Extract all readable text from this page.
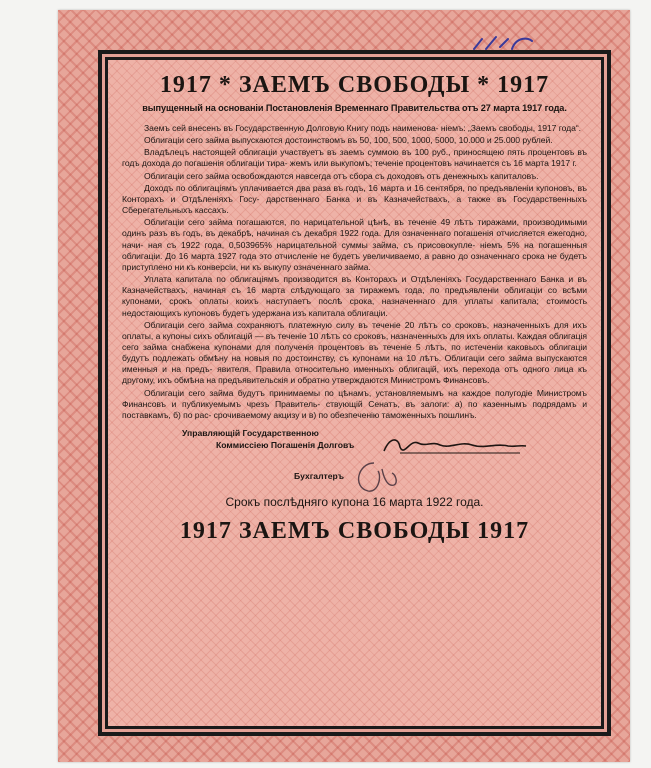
1917 * ЗАЕМЪ СВОБОДЫ * 1917
выпущенный на основаніи Постановленія Временнаго Правительства отъ 27 марта 1917 года.

Заемъ сей внесенъ въ Государственную Долговую Книгу подъ наименова- ніемъ: „Заемъ свободы, 1917 года“.

Облигаціи сего займа выпускаются достоинствомъ въ 50, 100, 500, 1000, 5000, 10.000 и 25.000 рублей.

Владѣлецъ настоящей облигаціи участвуетъ въ заемъ суммою въ 100 руб., приносящею пять процентовъ въ годъ дохода до погашенія облигаціи тира- жемъ или выкупомъ; теченіе процентовъ начинается съ 16 марта 1917 г.

Облигаціи сего займа освобождаются навсегда отъ сбора съ доходовъ отъ денежныхъ капиталовъ.

Доходъ по облигаціямъ уплачивается два раза въ годъ, 16 марта и 16 сентября, по предъявленіи купоновъ, въ Конторахъ и Отдѣленіяхъ Госу- дарственнаго Банка и въ Казначействахъ, а также въ Государственныхъ Сберегательныхъ кассахъ.

Облигаціи сего займа погашаются, по нарицательной цѣнѣ, въ теченіе 49 лѣтъ тиражами, производимыми одинъ разъ въ годъ, въ декабрѣ, начиная съ декабря 1922 года. Для означеннаго погашенія отчисляется ежегодно, начи- ная съ 1922 года, 0,503965% нарицательной суммы займа, съ присовокупле- ніемъ 5% на погашенныя облигаціи. До 16 марта 1927 года это отчисленіе не будетъ увеличиваемо, а равно до означеннаго срока не будетъ приступлено ни къ конверсіи, ни къ выкупу означеннаго займа.

Уплата капитала по облигаціямъ производится въ Конторахъ и Отдѣленіяхъ Государственнаго Банка и въ Казначействахъ, начиная съ 16 марта слѣдующаго за тиражемъ года, по предъявленіи облигаціи со всѣми купонами, срокъ оплаты коихъ наступаетъ послѣ срока, назначеннаго для уплаты капитала; стоимость недостающихъ купоновъ будетъ удержана изъ капитала облигаціи.

Облигаціи сего займа сохраняютъ платежную силу въ теченіе 20 лѣтъ со сроковъ, назначенныхъ для ихъ оплаты, а купоны сихъ облигацій — въ теченіе 10 лѣтъ со сроковъ, назначенныхъ для ихъ оплаты. Каждая облигація сего займа снабжена купонами для полученія процентовъ въ теченіе 5 лѣтъ, по истеченіи каковыхъ облигаціи будутъ подлежать обмѣну на новыя по достоинству, съ купонами на 10 лѣтъ. Облигаціи сего займа выпускаются именныя и на предъ- явителя. Правила относительно именныхъ облигацій, ихъ перехода отъ одного лица къ другому, ихъ обмѣна на предъявительскія и обратно утверждаются Министромъ Финансовъ.

Облигаціи сего займа будутъ принимаемы по цѣнамъ, установляемымъ на каждое полугодіе Министромъ Финансовъ и публикуемымъ чрезъ Правитель- ствующій Сенатъ, въ залоги: а) по казеннымъ подрядамъ и поставкамъ, б) по рас- срочиваемому акцизу и в) по обезпеченію таможенныхъ пошлинъ.

Управляющій Государственною
Коммиссіею Погашенія Долговъ
Бухгалтеръ
Срокъ послѣдняго купона 16 марта 1922 года.
1917 ЗАЕМЪ СВОБОДЫ 1917
